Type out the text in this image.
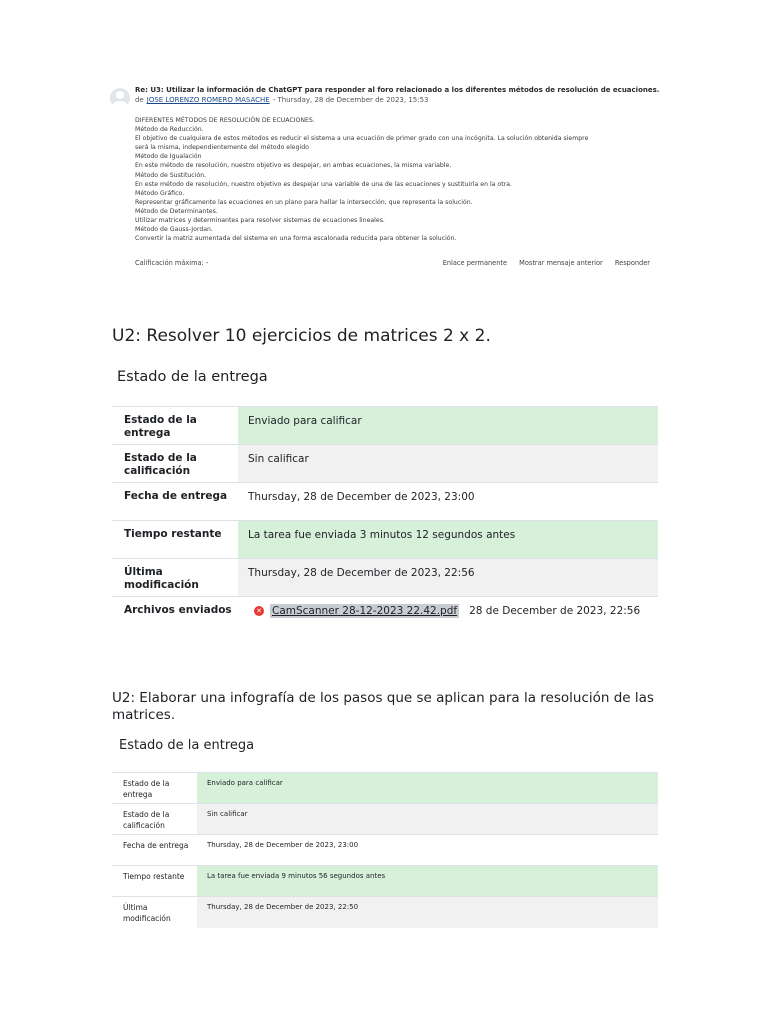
Re: U3: Utilizar la información de ChatGPT para responder al foro relacionado a los diferentes métodos de resolución de ecuaciones.
de JOSE LORENZO ROMERO MASACHE - Thursday, 28 de December de 2023, 15:53

DIFERENTES MÉTODOS DE RESOLUCIÓN DE ECUACIONES.

Método de Reducción.

El objetivo de cualquiera de estos métodos es reducir el sistema a una ecuación de primer grado con una incógnita. La solución obtenida siempre

será la misma, independientemente del método elegido

Método de Igualación

En este método de resolución, nuestro objetivo es despejar, en ambas ecuaciones, la misma variable.

Método de Sustitución.

En este método de resolución, nuestro objetivo es despejar una variable de una de las ecuaciones y sustituirla en la otra.

Método Gráfico.

Representar gráficamente las ecuaciones en un plano para hallar la intersección, que representa la solución.

Método de Determinantes.

Utilizar matrices y determinantes para resolver sistemas de ecuaciones lineales.

Método de Gauss-Jordan.

Convertir la matriz aumentada del sistema en una forma escalonada reducida para obtener la solución.

Calificación máxima: -	Enlace permanente Mostrar mensaje anterior Responder
U2: Resolver 10 ejercicios de matrices 2 x 2.
Estado de la entrega
Estado de la entrega	Enviado para calificar
Estado de la calificación	Sin calificar
Fecha de entrega	Thursday, 28 de December de 2023, 23:00
Tiempo restante	La tarea fue enviada 3 minutos 12 segundos antes
Última modificación	Thursday, 28 de December de 2023, 22:56
Archivos enviados	✕ CamScanner 28-12-2023 22.42.pdf 28 de December de 2023, 22:56
U2: Elaborar una infografía de los pasos que se aplican para la resolución de las matrices.
Estado de la entrega
Estado de la entrega	Enviado para calificar
Estado de la calificación	Sin calificar
Fecha de entrega	Thursday, 28 de December de 2023, 23:00
Tiempo restante	La tarea fue enviada 9 minutos 56 segundos antes
Última modificación	Thursday, 28 de December de 2023, 22:50
